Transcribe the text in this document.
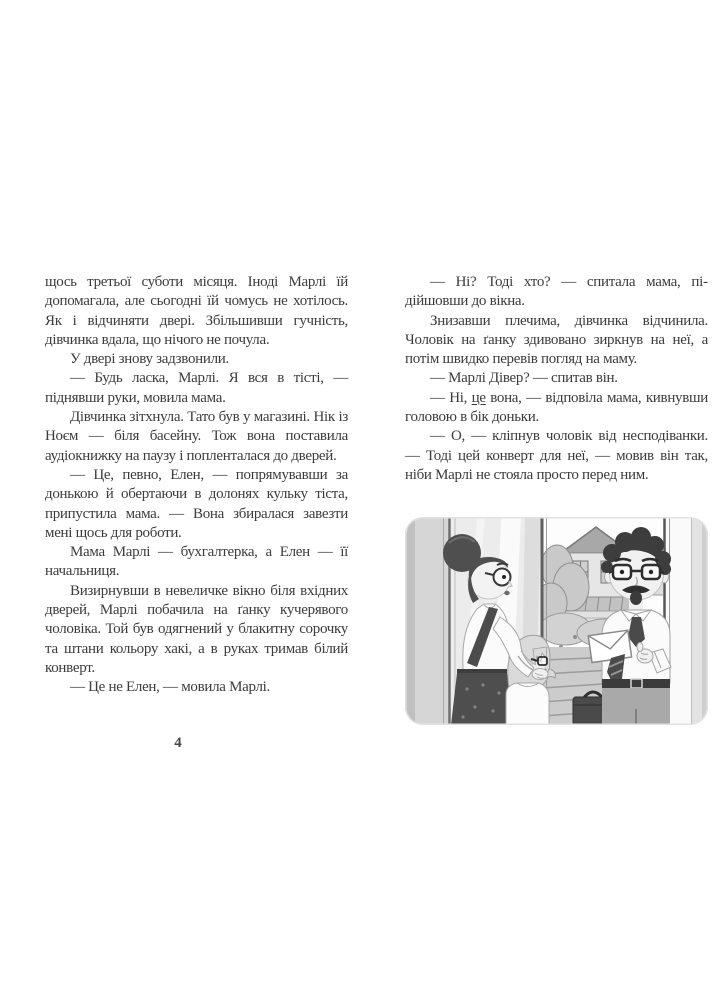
щось третьої суботи місяця. Іноді Марлі їй допомагала, але сьогодні їй чомусь не хотілось. Як і відчиняти двері. Збільшивши гучність, дівчинка вдала, що нічого не почула.

У двері знову задзвонили.

— Будь ласка, Марлі. Я вся в тісті, — піднявши руки, мовила мама.

Дівчинка зітхнула. Тато був у магазині. Нік із Ноєм — біля басейну. Тож вона поставила аудіокнижку на паузу і попленталася до дверей.

— Це, певно, Елен, — попрямувавши за донькою й обертаючи в долонях кульку тіста, припустила мама. — Вона збиралася завезти мені щось для роботи.

Мама Марлі — бухгалтерка, а Елен — її начальниця.

Визирнувши в невеличке вікно біля вхідних дверей, Марлі побачила на ґанку кучерявого чоловіка. Той був одягнений у блакитну сорочку та штани кольору хакі, а в руках тримав білий конверт.

— Це не Елен, — мовила Марлі.

— Ні? Тоді хто? — спитала мама, підійшовши до вікна.

Знизавши плечима, дівчинка відчинила. Чоловік на ґанку здивовано зиркнув на неї, а потім швидко перевів погляд на маму.

— Марлі Дівер? — спитав він.

— Ні, це вона, — відповіла мама, кивнувши головою в бік доньки.

— О, — кліпнув чоловік від несподіванки. — Тоді цей конверт для неї, — мовив він так, ніби Марлі не стояла просто перед ним.

4
